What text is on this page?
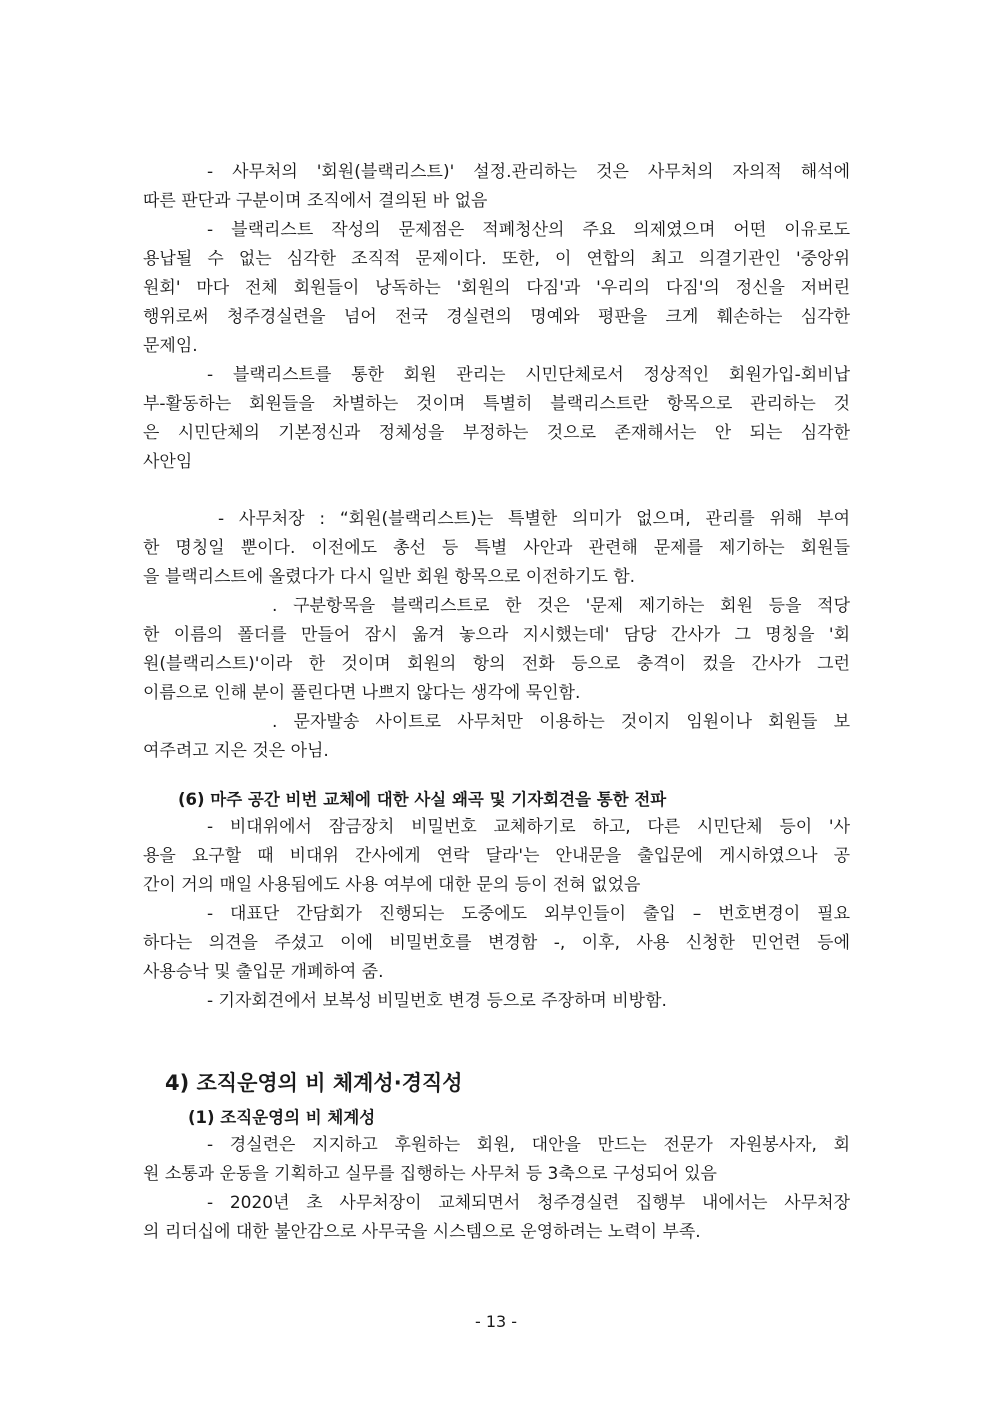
- 사무처의 '회원(블랙리스트)' 설정.관리하는 것은 사무처의 자의적 해석에
따른 판단과 구분이며 조직에서 결의된 바 없음
- 블랙리스트 작성의 문제점은 적폐청산의 주요 의제였으며 어떤 이유로도
용납될 수 없는 심각한 조직적 문제이다. 또한, 이 연합의 최고 의결기관인 '중앙위
원회' 마다 전체 회원들이 낭독하는 '회원의 다짐'과 '우리의 다짐'의 정신을 저버린
행위로써 청주경실련을 넘어 전국 경실련의 명예와 평판을 크게 훼손하는 심각한
문제임.
- 블랙리스트를 통한 회원 관리는 시민단체로서 정상적인 회원가입-회비납
부-활동하는 회원들을 차별하는 것이며 특별히 블랙리스트란 항목으로 관리하는 것
은 시민단체의 기본정신과 정체성을 부정하는 것으로 존재해서는 안 되는 심각한
사안임
- 사무처장 : “회원(블랙리스트)는 특별한 의미가 없으며, 관리를 위해 부여
한 명칭일 뿐이다. 이전에도 총선 등 특별 사안과 관련해 문제를 제기하는 회원들
을 블랙리스트에 올렸다가 다시 일반 회원 항목으로 이전하기도 함.
. 구분항목을 블랙리스트로 한 것은 '문제 제기하는 회원 등을 적당
한 이름의 폴더를 만들어 잠시 옮겨 놓으라 지시했는데' 담당 간사가 그 명칭을 '회
원(블랙리스트)'이라 한 것이며 회원의 항의 전화 등으로 충격이 컸을 간사가 그런
이름으로 인해 분이 풀린다면 나쁘지 않다는 생각에 묵인함.
. 문자발송 사이트로 사무처만 이용하는 것이지 임원이나 회원들 보
여주려고 지은 것은 아님.
(6) 마주 공간 비번 교체에 대한 사실 왜곡 및 기자회견을 통한 전파
- 비대위에서 잠금장치 비밀번호 교체하기로 하고, 다른 시민단체 등이 '사
용을 요구할 때 비대위 간사에게 연락 달라'는 안내문을 출입문에 게시하였으나 공
간이 거의 매일 사용됨에도 사용 여부에 대한 문의 등이 전혀 없었음
- 대표단 간담회가 진행되는 도중에도 외부인들이 출입 – 번호변경이 필요
하다는 의견을 주셨고 이에 비밀번호를 변경함 -, 이후, 사용 신청한 민언련 등에
사용승낙 및 출입문 개폐하여 줌.
- 기자회견에서 보복성 비밀번호 변경 등으로 주장하며 비방함.
4) 조직운영의 비 체계성·경직성
(1) 조직운영의 비 체계성
- 경실련은 지지하고 후원하는 회원, 대안을 만드는 전문가 자원봉사자, 회
원 소통과 운동을 기획하고 실무를 집행하는 사무처 등 3축으로 구성되어 있음
- 2020년 초 사무처장이 교체되면서 청주경실련 집행부 내에서는 사무처장
의 리더십에 대한 불안감으로 사무국을 시스템으로 운영하려는 노력이 부족.
- 13 -
